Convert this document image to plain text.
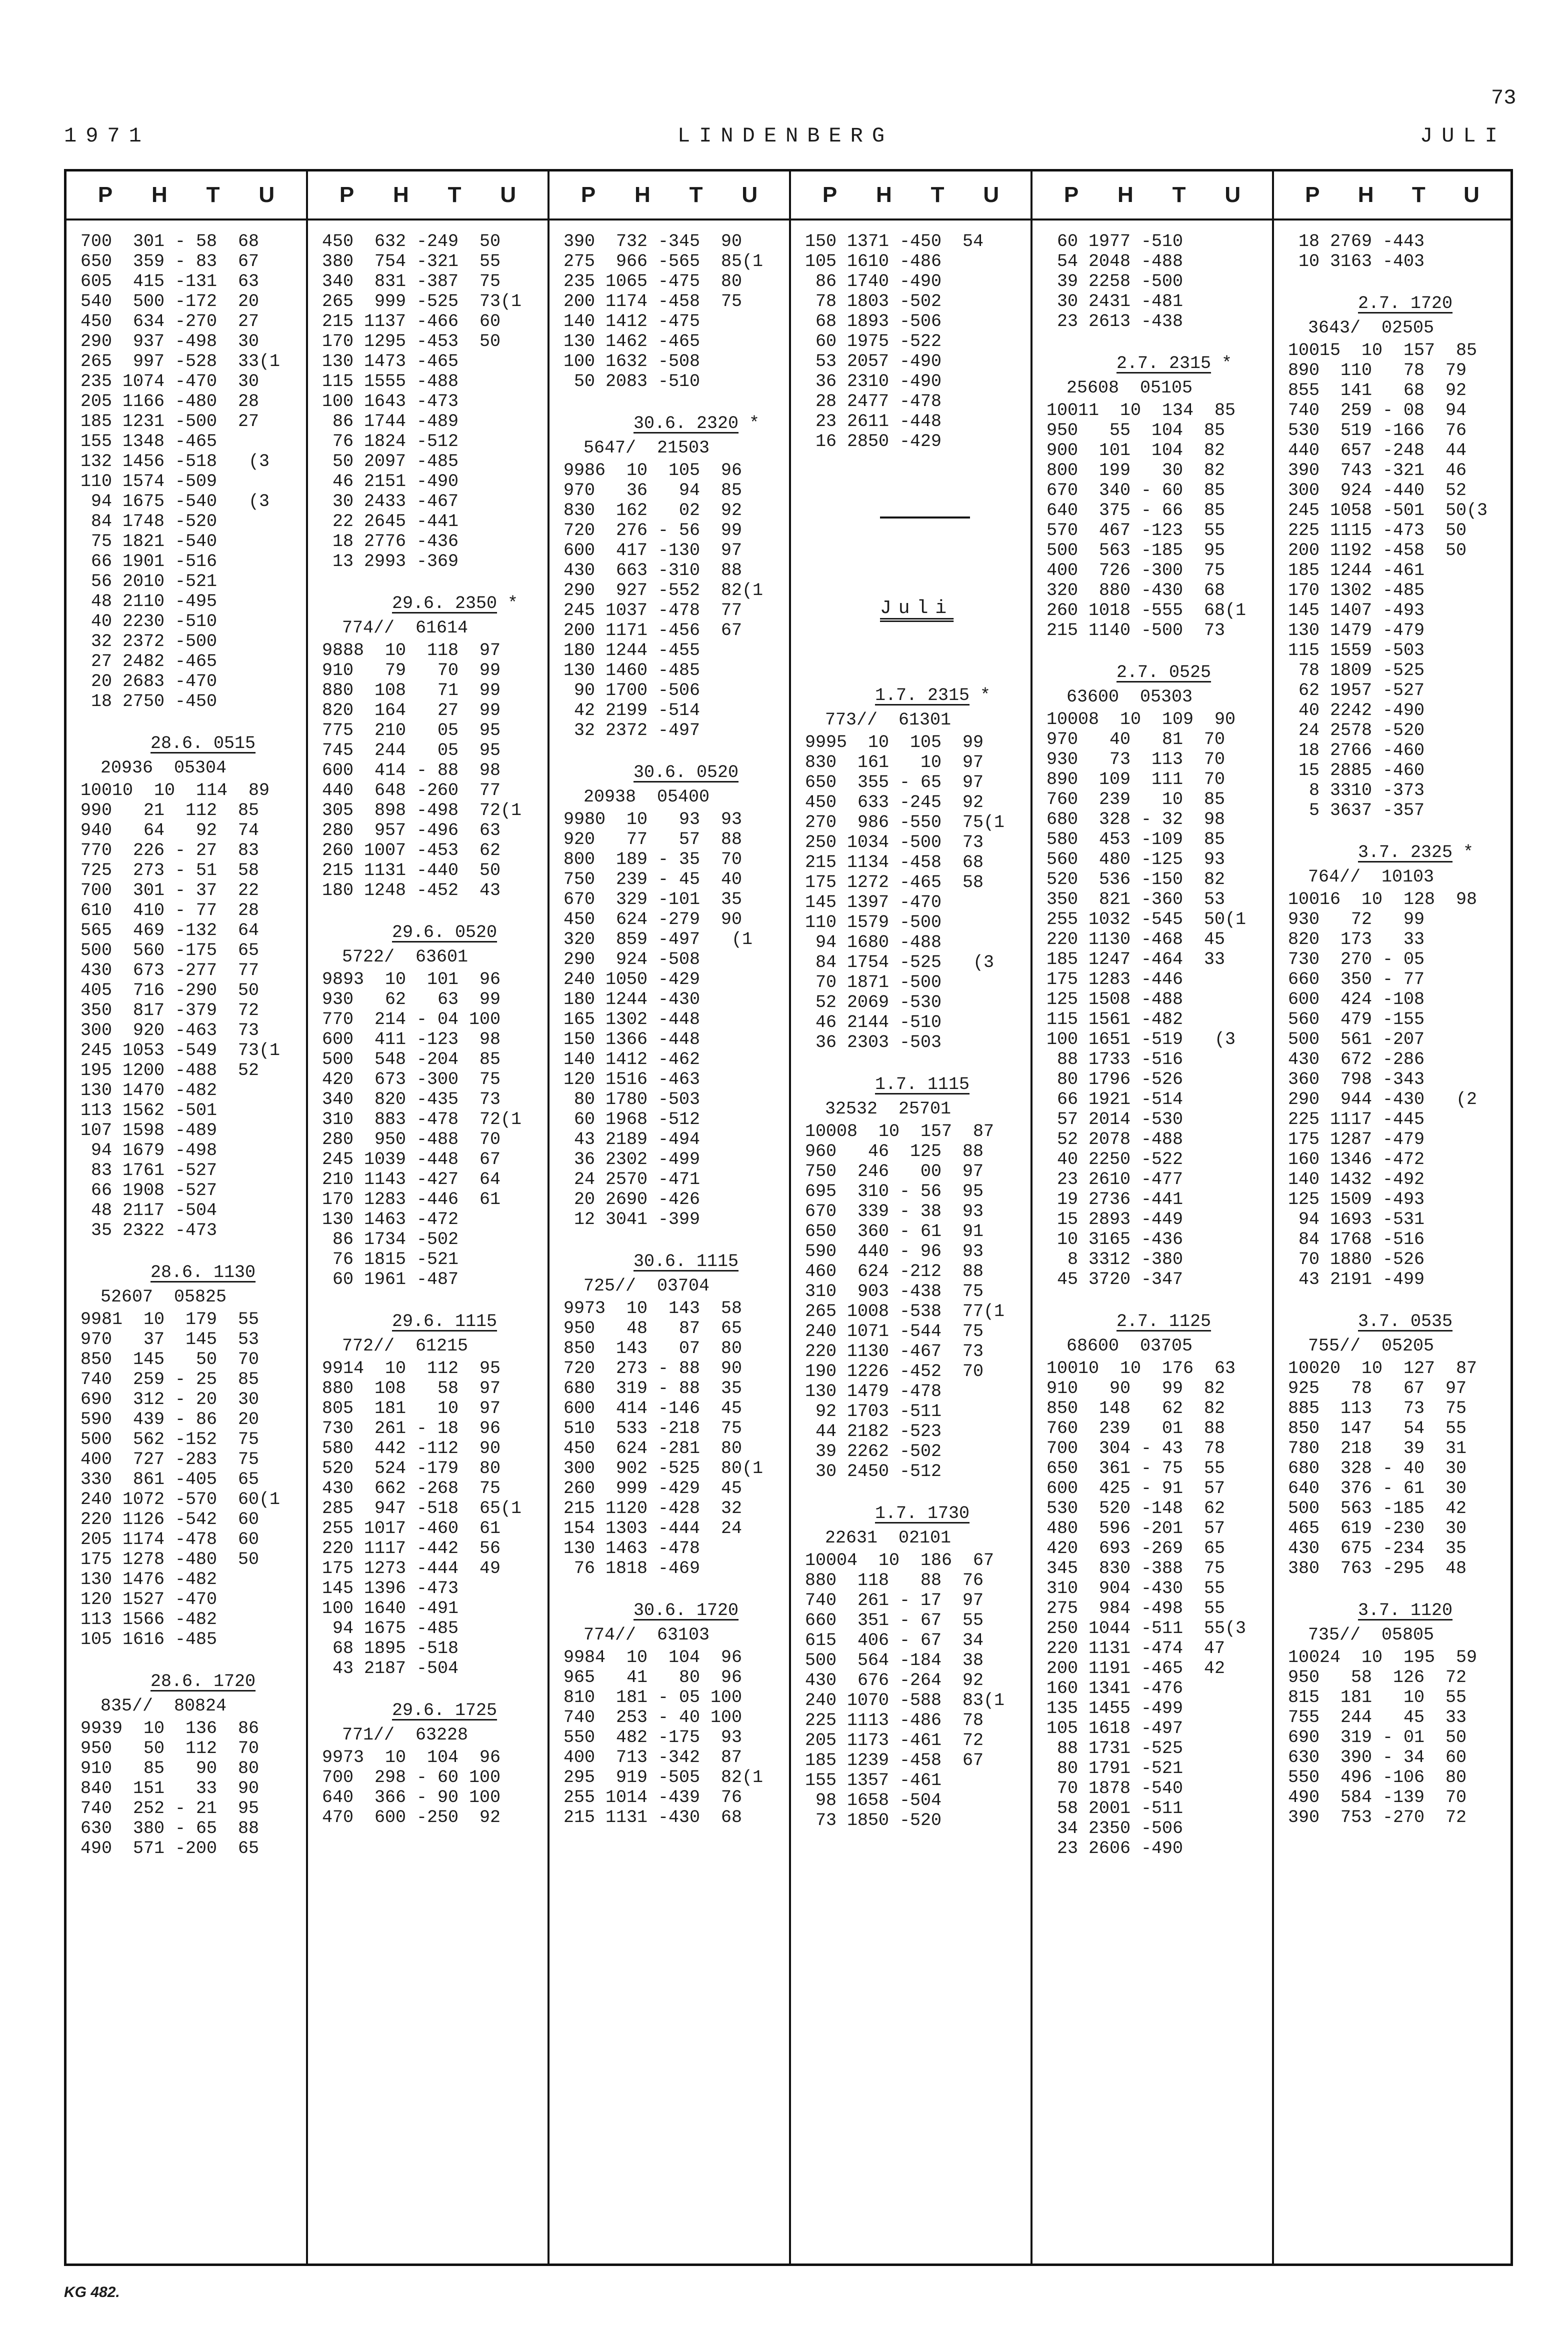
1971	LINDENBERG	JULI
73
P H T U
700  301 - 58  68
650  359 - 83  67
605  415 -131  63
540  500 -172  20
450  634 -270  27
290  937 -498  30
265  997 -528  33(1
235 1074 -470  30
205 1166 -480  28
185 1231 -500  27
155 1348 -465
132 1456 -518   (3
110 1574 -509
94 1675 -540   (3
84 1748 -520
75 1821 -540
66 1901 -516
56 2010 -521
48 2110 -495
40 2230 -510
32 2372 -500
27 2482 -465
20 2683 -470
18 2750 -450
28.6. 0515
20936  05304
10010  10  114  89
990   21  112  85
940   64   92  74
770  226 - 27  83
725  273 - 51  58
700  301 - 37  22
610  410 - 77  28
565  469 -132  64
500  560 -175  65
430  673 -277  77
405  716 -290  50
350  817 -379  72
300  920 -463  73
245 1053 -549  73(1
195 1200 -488  52
130 1470 -482
113 1562 -501
107 1598 -489
94 1679 -498
83 1761 -527
66 1908 -527
48 2117 -504
35 2322 -473
28.6. 1130
52607  05825
9981  10  179  55
970   37  145  53
850  145   50  70
740  259 - 25  85
690  312 - 20  30
590  439 - 86  20
500  562 -152  75
400  727 -283  75
330  861 -405  65
240 1072 -570  60(1
220 1126 -542  60
205 1174 -478  60
175 1278 -480  50
130 1476 -482
120 1527 -470
113 1566 -482
105 1616 -485
28.6. 1720
835//  80824
9939  10  136  86
950   50  112  70
910   85   90  80
840  151   33  90
740  252 - 21  95
630  380 - 65  88
490  571 -200  65
P H T U
450  632 -249  50
380  754 -321  55
340  831 -387  75
265  999 -525  73(1
215 1137 -466  60
170 1295 -453  50
130 1473 -465
115 1555 -488
100 1643 -473
86 1744 -489
76 1824 -512
50 2097 -485
46 2151 -490
30 2433 -467
22 2645 -441
18 2776 -436
13 2993 -369
29.6. 2350 *
774//  61614
9888  10  118  97
910   79   70  99
880  108   71  99
820  164   27  99
775  210   05  95
745  244   05  95
600  414 - 88  98
440  648 -260  77
305  898 -498  72(1
280  957 -496  63
260 1007 -453  62
215 1131 -440  50
180 1248 -452  43
29.6. 0520
5722/  63601
9893  10  101  96
930   62   63  99
770  214 - 04 100
600  411 -123  98
500  548 -204  85
420  673 -300  75
340  820 -435  73
310  883 -478  72(1
280  950 -488  70
245 1039 -448  67
210 1143 -427  64
170 1283 -446  61
130 1463 -472
86 1734 -502
76 1815 -521
60 1961 -487
29.6. 1115
772//  61215
9914  10  112  95
880  108   58  97
805  181   10  97
730  261 - 18  96
580  442 -112  90
520  524 -179  80
430  662 -268  75
285  947 -518  65(1
255 1017 -460  61
220 1117 -442  56
175 1273 -444  49
145 1396 -473
100 1640 -491
94 1675 -485
68 1895 -518
43 2187 -504
29.6. 1725
771//  63228
9973  10  104  96
700  298 - 60 100
640  366 - 90 100
470  600 -250  92
P H T U
390  732 -345  90
275  966 -565  85(1
235 1065 -475  80
200 1174 -458  75
140 1412 -475
130 1462 -465
100 1632 -508
50 2083 -510
30.6. 2320 *
5647/  21503
9986  10  105  96
970   36   94  85
830  162   02  92
720  276 - 56  99
600  417 -130  97
430  663 -310  88
290  927 -552  82(1
245 1037 -478  77
200 1171 -456  67
180 1244 -455
130 1460 -485
90 1700 -506
42 2199 -514
32 2372 -497
30.6. 0520
20938  05400
9980  10   93  93
920   77   57  88
800  189 - 35  70
750  239 - 45  40
670  329 -101  35
450  624 -279  90
320  859 -497   (1
290  924 -508
240 1050 -429
180 1244 -430
165 1302 -448
150 1366 -448
140 1412 -462
120 1516 -463
80 1780 -503
60 1968 -512
43 2189 -494
36 2302 -499
24 2570 -471
20 2690 -426
12 3041 -399
30.6. 1115
725//  03704
9973  10  143  58
950   48   87  65
850  143   07  80
720  273 - 88  90
680  319 - 88  35
600  414 -146  45
510  533 -218  75
450  624 -281  80
300  902 -525  80(1
260  999 -429  45
215 1120 -428  32
154 1303 -444  24
130 1463 -478
76 1818 -469
30.6. 1720
774//  63103
9984  10  104  96
965   41   80  96
810  181 - 05 100
740  253 - 40 100
550  482 -175  93
400  713 -342  87
295  919 -505  82(1
255 1014 -439  76
215 1131 -430  68
P H T U
150 1371 -450  54
105 1610 -486
86 1740 -490
78 1803 -502
68 1893 -506
60 1975 -522
53 2057 -490
36 2310 -490
28 2477 -478
23 2611 -448
16 2850 -429
Juli
1.7. 2315 *
773//  61301
9995  10  105  99
830  161   10  97
650  355 - 65  97
450  633 -245  92
270  986 -550  75(1
250 1034 -500  73
215 1134 -458  68
175 1272 -465  58
145 1397 -470
110 1579 -500
94 1680 -488
84 1754 -525   (3
70 1871 -500
52 2069 -530
46 2144 -510
36 2303 -503
1.7. 1115
32532  25701
10008  10  157  87
960   46  125  88
750  246   00  97
695  310 - 56  95
670  339 - 38  93
650  360 - 61  91
590  440 - 96  93
460  624 -212  88
310  903 -438  75
265 1008 -538  77(1
240 1071 -544  75
220 1130 -467  73
190 1226 -452  70
130 1479 -478
92 1703 -511
44 2182 -523
39 2262 -502
30 2450 -512
1.7. 1730
22631  02101
10004  10  186  67
880  118   88  76
740  261 - 17  97
660  351 - 67  55
615  406 - 67  34
500  564 -184  38
430  676 -264  92
240 1070 -588  83(1
225 1113 -486  78
205 1173 -461  72
185 1239 -458  67
155 1357 -461
98 1658 -504
73 1850 -520
P H T U
60 1977 -510
54 2048 -488
39 2258 -500
30 2431 -481
23 2613 -438
2.7. 2315 *
25608  05105
10011  10  134  85
950   55  104  85
900  101  104  82
800  199   30  82
670  340 - 60  85
640  375 - 66  85
570  467 -123  55
500  563 -185  95
400  726 -300  75
320  880 -430  68
260 1018 -555  68(1
215 1140 -500  73
2.7. 0525
63600  05303
10008  10  109  90
970   40   81  70
930   73  113  70
890  109  111  70
760  239   10  85
680  328 - 32  98
580  453 -109  85
560  480 -125  93
520  536 -150  82
350  821 -360  53
255 1032 -545  50(1
220 1130 -468  45
185 1247 -464  33
175 1283 -446
125 1508 -488
115 1561 -482
100 1651 -519   (3
88 1733 -516
80 1796 -526
66 1921 -514
57 2014 -530
52 2078 -488
40 2250 -522
23 2610 -477
19 2736 -441
15 2893 -449
10 3165 -436
8 3312 -380
45 3720 -347
2.7. 1125
68600  03705
10010  10  176  63
910   90   99  82
850  148   62  82
760  239   01  88
700  304 - 43  78
650  361 - 75  55
600  425 - 91  57
530  520 -148  62
480  596 -201  57
420  693 -269  65
345  830 -388  75
310  904 -430  55
275  984 -498  55
250 1044 -511  55(3
220 1131 -474  47
200 1191 -465  42
160 1341 -476
135 1455 -499
105 1618 -497
88 1731 -525
80 1791 -521
70 1878 -540
58 2001 -511
34 2350 -506
23 2606 -490
P H T U
18 2769 -443
10 3163 -403
2.7. 1720
3643/  02505
10015  10  157  85
890  110   78  79
855  141   68  92
740  259 - 08  94
530  519 -166  76
440  657 -248  44
390  743 -321  46
300  924 -440  52
245 1058 -501  50(3
225 1115 -473  50
200 1192 -458  50
185 1244 -461
170 1302 -485
145 1407 -493
130 1479 -479
115 1559 -503
78 1809 -525
62 1957 -527
40 2242 -490
24 2578 -520
18 2766 -460
15 2885 -460
8 3310 -373
5 3637 -357
3.7. 2325 *
764//  10103
10016  10  128  98
930   72   99
820  173   33
730  270 - 05
660  350 - 77
600  424 -108
560  479 -155
500  561 -207
430  672 -286
360  798 -343
290  944 -430   (2
225 1117 -445
175 1287 -479
160 1346 -472
140 1432 -492
125 1509 -493
94 1693 -531
84 1768 -516
70 1880 -526
43 2191 -499
3.7. 0535
755//  05205
10020  10  127  87
925   78   67  97
885  113   73  75
850  147   54  55
780  218   39  31
680  328 - 40  30
640  376 - 61  30
500  563 -185  42
465  619 -230  30
430  675 -234  35
380  763 -295  48
3.7. 1120
735//  05805
10024  10  195  59
950   58  126  72
815  181   10  55
755  244   45  33
690  319 - 01  50
630  390 - 34  60
550  496 -106  80
490  584 -139  70
390  753 -270  72
KG 482.
